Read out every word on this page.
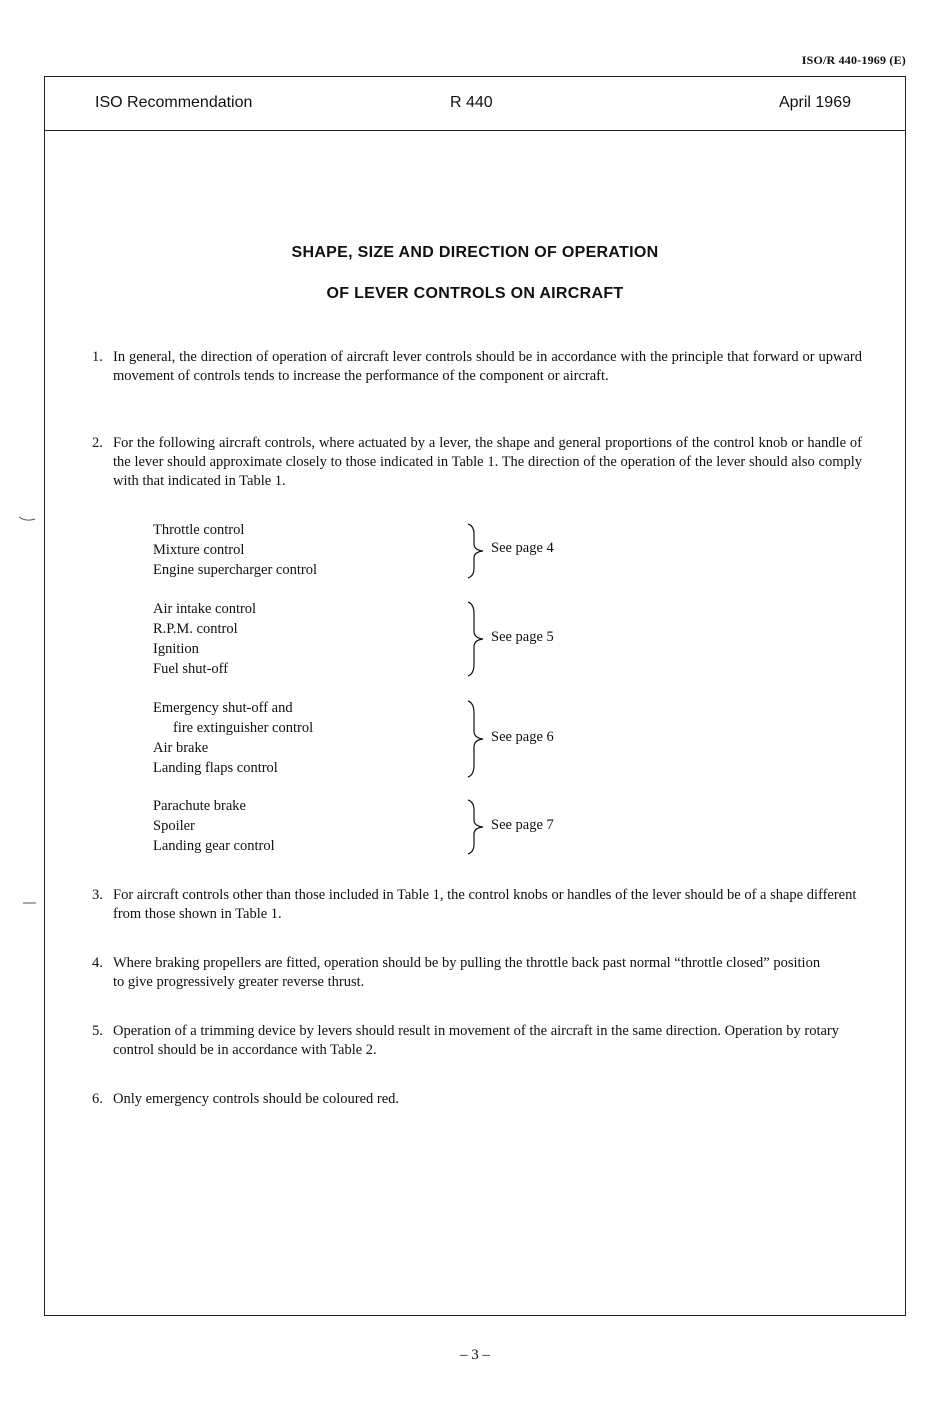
ISO/R 440-1969 (E)
ISO Recommendation	R 440	April 1969
SHAPE, SIZE AND DIRECTION OF OPERATION
OF LEVER CONTROLS ON AIRCRAFT
1. In general, the direction of operation of aircraft lever controls should be in accordance with the principle that forward or upward movement of controls tends to increase the performance of the component or aircraft.
2. For the following aircraft controls, where actuated by a lever, the shape and general proportions of the control knob or handle of the lever should approximate closely to those indicated in Table 1. The direction of the operation of the lever should also comply with that indicated in Table 1.
Throttle control
Mixture control
Engine supercharger control
See page 4
Air intake control
R.P.M. control
Ignition
Fuel shut-off
See page 5
Emergency shut-off and
fire extinguisher control
Air brake
Landing flaps control
See page 6
Parachute brake
Spoiler
Landing gear control
See page 7
3. For aircraft controls other than those included in Table 1, the control knobs or handles of the lever should be of a shape different from those shown in Table 1.
4. Where braking propellers are fitted, operation should be by pulling the throttle back past normal “throttle closed” position to give progressively greater reverse thrust.
5. Operation of a trimming device by levers should result in movement of the aircraft in the same direction. Operation by rotary control should be in accordance with Table 2.
6. Only emergency controls should be coloured red.
– 3 –
